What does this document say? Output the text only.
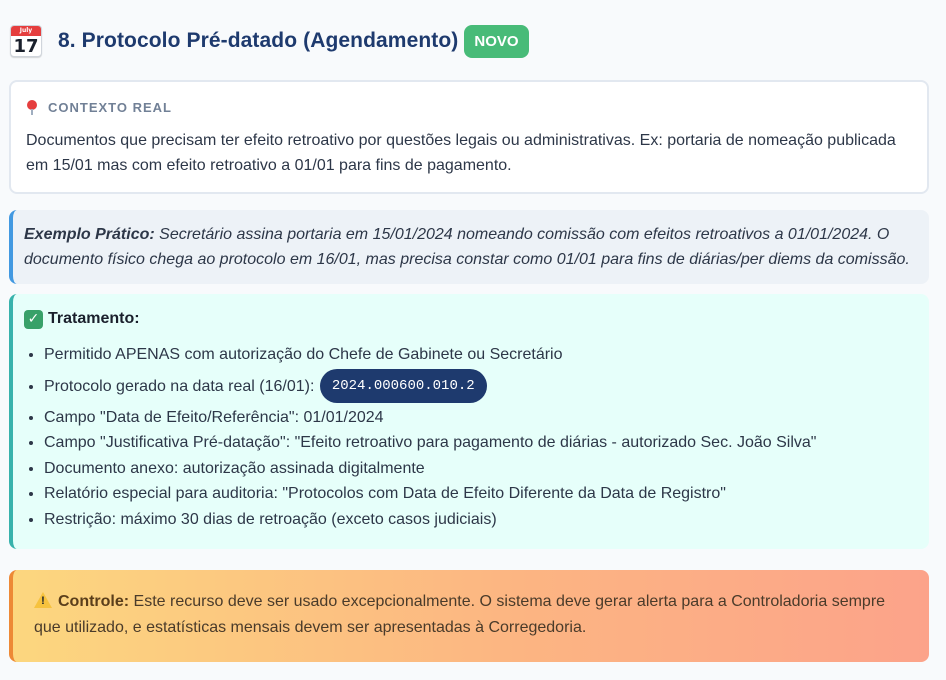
July
17 8. Protocolo Pré-datado (Agendamento)	NOVO
CONTEXTO REAL

Documentos que precisam ter efeito retroativo por questões legais ou administrativas. Ex: portaria de nomeação publicada em 15/01 mas com efeito retroativo a 01/01 para fins de pagamento.

Exemplo Prático: Secretário assina portaria em 15/01/2024 nomeando comissão com efeitos retroativos a 01/01/2024. O documento físico chega ao protocolo em 16/01, mas precisa constar como 01/01 para fins de diárias/per diems da comissão.
✓ Tratamento:
• Permitido APENAS com autorização do Chefe de Gabinete ou Secretário
• Protocolo gerado na data real (16/01): 2024.000600.010.2
• Campo "Data de Efeito/Referência": 01/01/2024
• Campo "Justificativa Pré-datação": "Efeito retroativo para pagamento de diárias - autorizado Sec. João Silva"
• Documento anexo: autorização assinada digitalmente
• Relatório especial para auditoria: "Protocolos com Data de Efeito Diferente da Data de Registro"
• Restrição: máximo 30 dias de retroação (exceto casos judiciais)
! Controle: Este recurso deve ser usado excepcionalmente. O sistema deve gerar alerta para a Controladoria sempre que utilizado, e estatísticas mensais devem ser apresentadas à Corregedoria.
